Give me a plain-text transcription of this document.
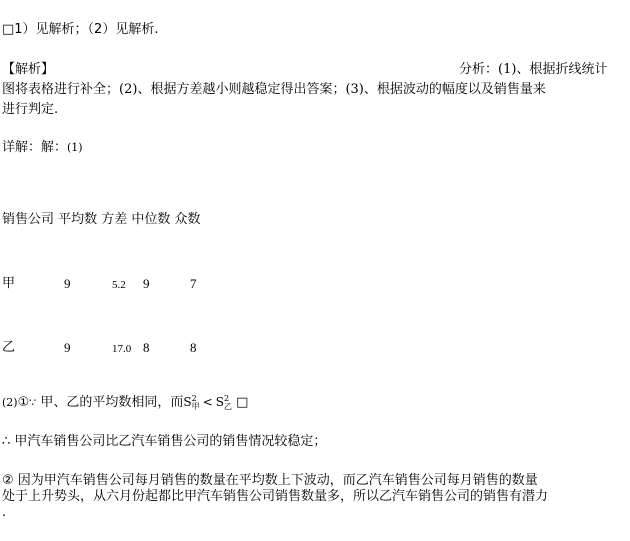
□1）见解析；（2）见解析.
【解析】	分析：(1)、根据折线统计
图将表格进行补全；(2)、根据方差越小则越稳定得出答案；(3)、根据波动的幅度以及销售量来
进行判定.
详解：解：(1)
销售公司 平均数 方差 中位数 众数
甲	9	5.2 9	7
乙	9	17.0 8	8
(2)①∵ 甲、乙的平均数相同，而S 2
甲 < S 2
乙 □
∴ 甲汽车销售公司比乙汽车销售公司的销售情况较稳定；
② 因为甲汽车销售公司每月销售的数量在平均数上下波动，而乙汽车销售公司每月销售的数量
处于上升势头，从六月份起都比甲汽车销售公司销售数量多，所以乙汽车销售公司的销售有潜力
.
